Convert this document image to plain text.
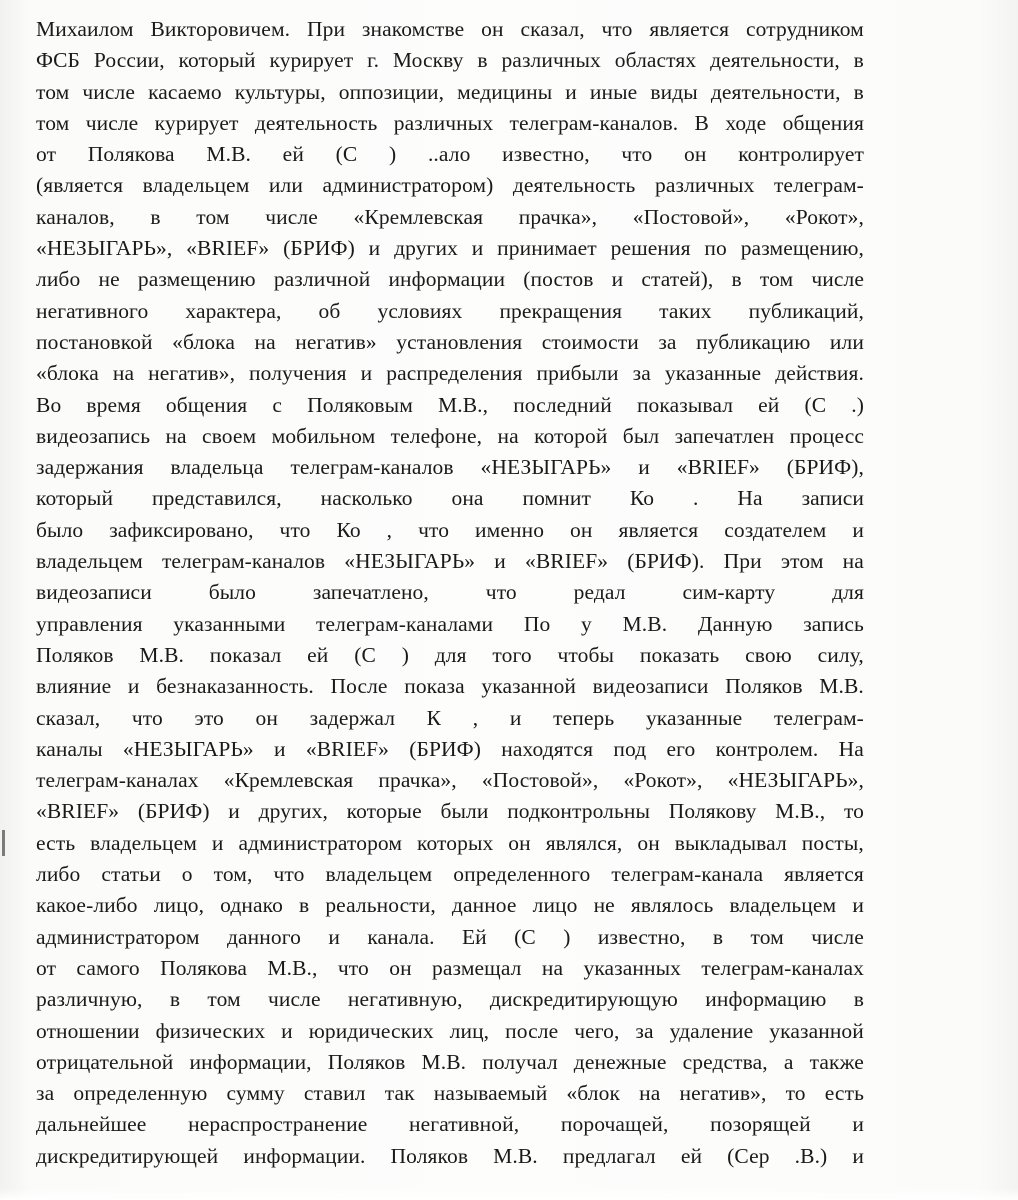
Михаилом Викторовичем. При знакомстве он сказал, что является сотрудником
ФСБ России, который курирует г. Москву в различных областях деятельности, в
том числе касаемо культуры, оппозиции, медицины и иные виды деятельности, в
том числе курирует деятельность различных телеграм-каналов. В ходе общения
от Полякова М.В. ей (С ) ..ало известно, что он контролирует
(является владельцем или администратором) деятельность различных телеграм-
каналов, в том числе «Кремлевская прачка», «Постовой», «Рокот»,
«НЕЗЫГАРЬ», «BRIEF» (БРИФ) и других и принимает решения по размещению,
либо не размещению различной информации (постов и статей), в том числе
негативного характера, об условиях прекращения таких публикаций,
постановкой «блока на негатив» установления стоимости за публикацию или
«блока на негатив», получения и распределения прибыли за указанные действия.
Во время общения с Поляковым М.В., последний показывал ей (С .)
видеозапись на своем мобильном телефоне, на которой был запечатлен процесс
задержания владельца телеграм-каналов «НЕЗЫГАРЬ» и «BRIEF» (БРИФ),
который представился, насколько она помнит Ко . На записи
было зафиксировано, что Ко , что именно он является создателем и
владельцем телеграм-каналов «НЕЗЫГАРЬ» и «BRIEF» (БРИФ). При этом на
видеозаписи	было	запечатлено,	что	редал	сим-карту	для
управления указанными телеграм-каналами По у М.В. Данную запись
Поляков М.В. показал ей (С ) для того чтобы показать свою силу,
влияние и безнаказанность. После показа указанной видеозаписи Поляков М.В.
сказал, что это он задержал К , и теперь указанные телеграм-
каналы «НЕЗЫГАРЬ» и «BRIEF» (БРИФ) находятся под его контролем. На
телеграм-каналах «Кремлевская прачка», «Постовой», «Рокот», «НЕЗЫГАРЬ»,
«BRIEF» (БРИФ) и других, которые были подконтрольны Полякову М.В., то
есть владельцем и администратором которых он являлся, он выкладывал посты,
либо статьи о том, что владельцем определенного телеграм-канала является
какое-либо лицо, однако в реальности, данное лицо не являлось владельцем и
администратором данного и канала. Ей (С ) известно, в том числе
от самого Полякова М.В., что он размещал на указанных телеграм-каналах
различную, в том числе негативную, дискредитирующую информацию в
отношении физических и юридических лиц, после чего, за удаление указанной
отрицательной информации, Поляков М.В. получал денежные средства, а также
за определенную сумму ставил так называемый «блок на негатив», то есть
дальнейшее нераспространение негативной, порочащей, позорящей и
дискредитирующей информации. Поляков М.В. предлагал ей (Сер .В.) и
